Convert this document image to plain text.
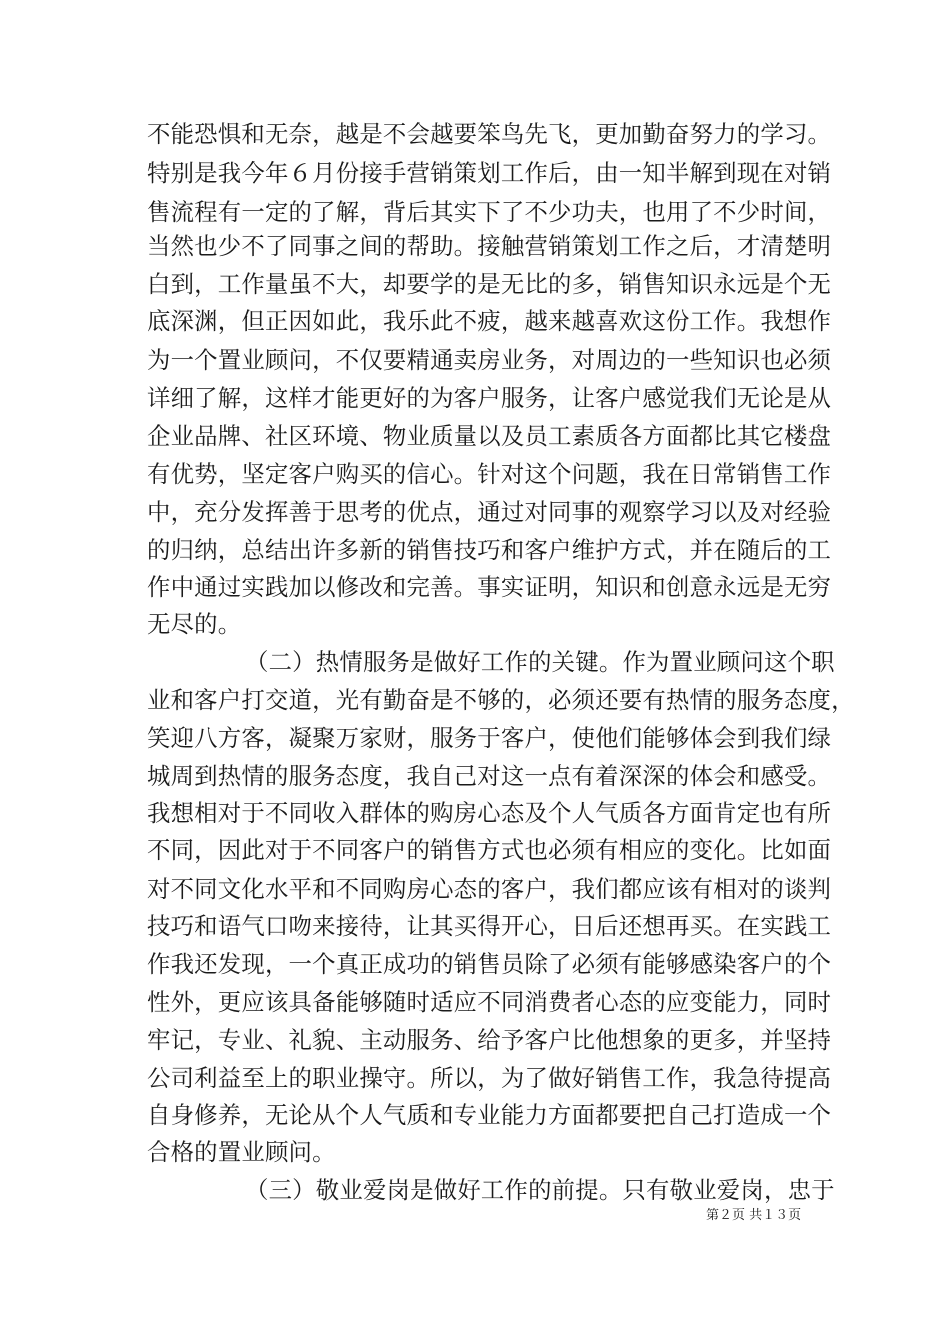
不能恐惧和无奈，越是不会越要笨鸟先飞，更加勤奋努力的学习。
特别是我今年６月份接手营销策划工作后，由一知半解到现在对销
售流程有一定的了解，背后其实下了不少功夫，也用了不少时间，
当然也少不了同事之间的帮助。接触营销策划工作之后，才清楚明
白到，工作量虽不大，却要学的是无比的多，销售知识永远是个无
底深渊，但正因如此，我乐此不疲，越来越喜欢这份工作。我想作
为一个置业顾问，不仅要精通卖房业务，对周边的一些知识也必须
详细了解，这样才能更好的为客户服务，让客户感觉我们无论是从
企业品牌、社区环境、物业质量以及员工素质各方面都比其它楼盘
有优势，坚定客户购买的信心。针对这个问题，我在日常销售工作
中，充分发挥善于思考的优点，通过对同事的观察学习以及对经验
的归纳，总结出许多新的销售技巧和客户维护方式，并在随后的工
作中通过实践加以修改和完善。事实证明，知识和创意永远是无穷
无尽的。
（二）热情服务是做好工作的关键。作为置业顾问这个职
业和客户打交道，光有勤奋是不够的，必须还要有热情的服务态度，
笑迎八方客，凝聚万家财，服务于客户，使他们能够体会到我们绿
城周到热情的服务态度，我自己对这一点有着深深的体会和感受。
我想相对于不同收入群体的购房心态及个人气质各方面肯定也有所
不同，因此对于不同客户的销售方式也必须有相应的变化。比如面
对不同文化水平和不同购房心态的客户，我们都应该有相对的谈判
技巧和语气口吻来接待，让其买得开心，日后还想再买。在实践工
作我还发现，一个真正成功的销售员除了必须有能够感染客户的个
性外，更应该具备能够随时适应不同消费者心态的应变能力，同时
牢记，专业、礼貌、主动服务、给予客户比他想象的更多，并坚持
公司利益至上的职业操守。所以，为了做好销售工作，我急待提高
自身修养，无论从个人气质和专业能力方面都要把自己打造成一个
合格的置业顾问。
（三）敬业爱岗是做好工作的前提。只有敬业爱岗，忠于
第２页 共１３页
